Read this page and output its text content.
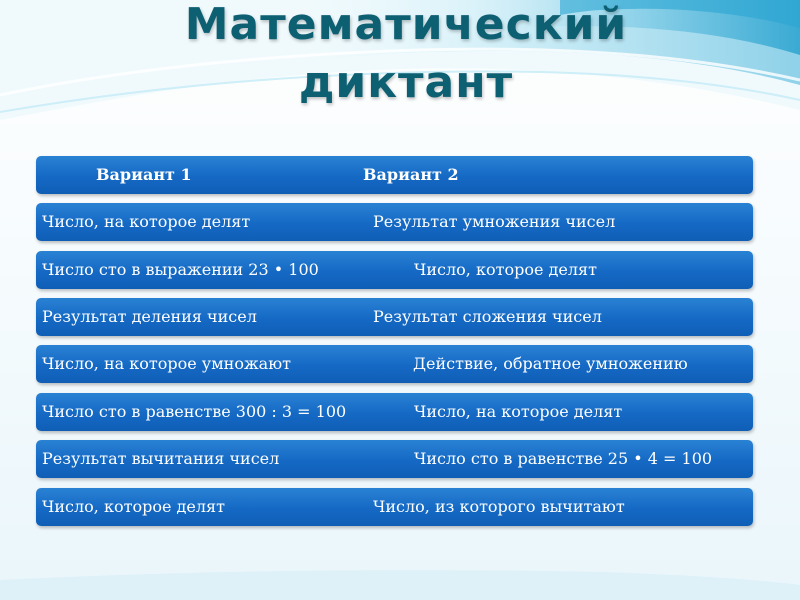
Математический
диктант
Вариант 1	Вариант 2
Число, на которое делят	Результат умножения чисел
Число сто в выражении 23 • 100	Число, которое делят
Результат деления чисел	Результат сложения чисел
Число, на которое умножают	Действие, обратное умножению
Число сто в равенстве 300 : 3 = 100	Число, на которое делят
Результат вычитания чисел	Число сто в равенстве 25 • 4 = 100
Число, которое делят	Число, из которого вычитают
